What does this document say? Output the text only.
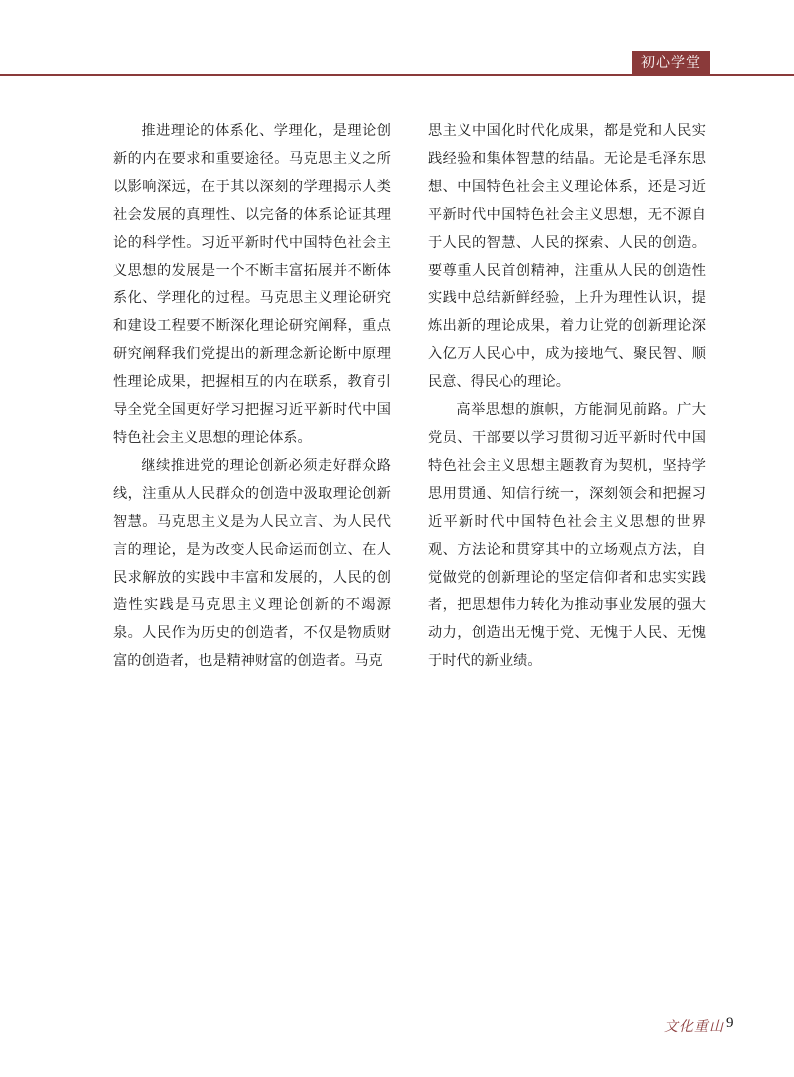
初心学堂

推进理论的体系化、学理化，是理论创新的内在要求和重要途径。马克思主义之所以影响深远，在于其以深刻的学理揭示人类社会发展的真理性、以完备的体系论证其理论的科学性。习近平新时代中国特色社会主义思想的发展是一个不断丰富拓展并不断体系化、学理化的过程。马克思主义理论研究和建设工程要不断深化理论研究阐释，重点研究阐释我们党提出的新理念新论断中原理性理论成果，把握相互的内在联系，教育引导全党全国更好学习把握习近平新时代中国特色社会主义思想的理论体系。

继续推进党的理论创新必须走好群众路线，注重从人民群众的创造中汲取理论创新智慧。马克思主义是为人民立言、为人民代言的理论，是为改变人民命运而创立、在人民求解放的实践中丰富和发展的，人民的创造性实践是马克思主义理论创新的不竭源泉。人民作为历史的创造者，不仅是物质财富的创造者，也是精神财富的创造者。马克

思主义中国化时代化成果，都是党和人民实践经验和集体智慧的结晶。无论是毛泽东思想、中国特色社会主义理论体系，还是习近平新时代中国特色社会主义思想，无不源自于人民的智慧、人民的探索、人民的创造。要尊重人民首创精神，注重从人民的创造性实践中总结新鲜经验，上升为理性认识，提炼出新的理论成果，着力让党的创新理论深入亿万人民心中，成为接地气、聚民智、顺民意、得民心的理论。

高举思想的旗帜，方能洞见前路。广大党员、干部要以学习贯彻习近平新时代中国特色社会主义思想主题教育为契机，坚持学思用贯通、知信行统一，深刻领会和把握习近平新时代中国特色社会主义思想的世界观、方法论和贯穿其中的立场观点方法，自觉做党的创新理论的坚定信仰者和忠实实践者，把思想伟力转化为推动事业发展的强大动力，创造出无愧于党、无愧于人民、无愧于时代的新业绩。

文化重山 9
